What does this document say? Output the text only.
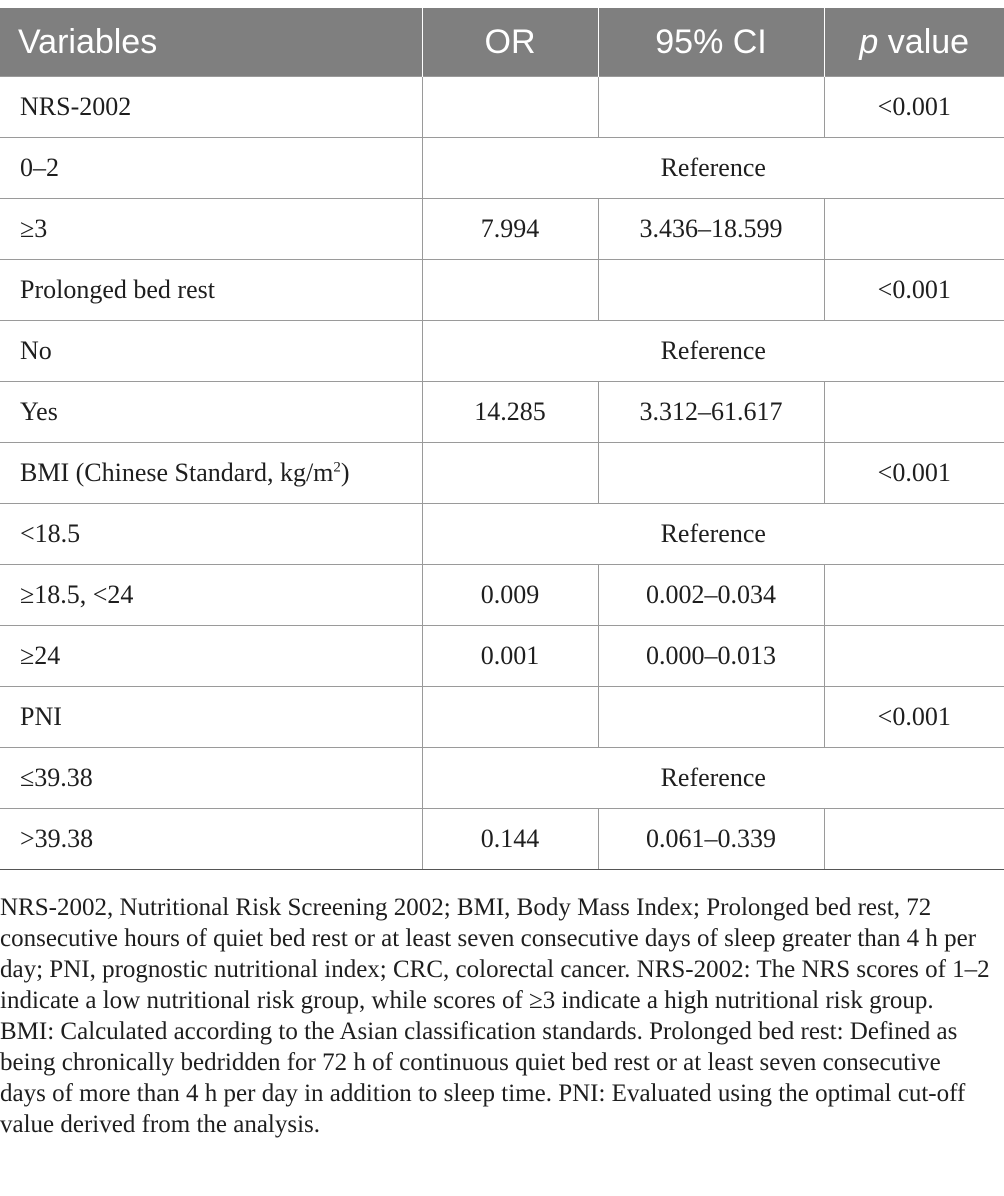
Variables	OR	95% CI	p value
NRS-2002			<0.001
0–2	Reference		
≥3	7.994	3.436–18.599	
Prolonged bed rest			<0.001
No	Reference		
Yes	14.285	3.312–61.617	
BMI (Chinese Standard, $kg/m^2$)			<0.001
<18.5	Reference		
≥18.5, <24	0.009	0.002–0.034	
≥24	0.001	0.000–0.013	
PNI			<0.001
≤39.38	Reference		
>39.38	0.144	0.061–0.339	

NRS-2002, Nutritional Risk Screening 2002; BMI, Body Mass Index; Prolonged bed rest, 72 consecutive hours of quiet bed rest or at least seven consecutive days of sleep greater than 4 h per day; PNI, prognostic nutritional index; CRC, colorectal cancer. NRS-2002: The NRS scores of 1–2 indicate a low nutritional risk group, while scores of ≥3 indicate a high nutritional risk group. BMI: Calculated according to the Asian classification standards. Prolonged bed rest: Defined as being chronically bedridden for 72 h of continuous quiet bed rest or at least seven consecutive days of more than 4 h per day in addition to sleep time. PNI: Evaluated using the optimal cut-off value derived from the analysis.
